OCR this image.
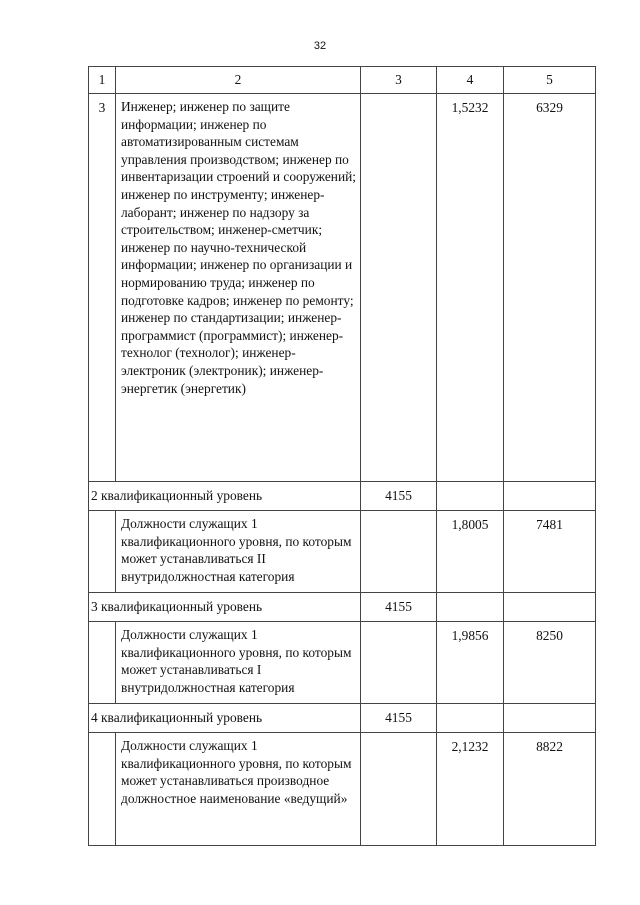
32
1	2	3	4	5
3	Инженер; инженер по защите информации; инженер по автоматизированным системам управления производством; инженер по инвентаризации строений и сооружений; инженер по инструменту; инженер-лаборант; инженер по надзору за строительством; инженер-сметчик; инженер по научно-технической информации; инженер по организации и нормированию труда; инженер по подготовке кадров; инженер по ремонту; инженер по стандартизации; инженер-программист (программист); инженер-технолог (технолог); инженер-электроник (электроник); инженер-энергетик (энергетик)		1,5232	6329
2 квалификационный уровень		4155		
	Должности служащих 1 квалификационного уровня, по которым может устанавливаться II внутридолжностная категория		1,8005	7481
3 квалификационный уровень		4155		
	Должности служащих 1 квалификационного уровня, по которым может устанавливаться I внутридолжностная категория		1,9856	8250
4 квалификационный уровень		4155		
	Должности служащих 1 квалификационного уровня, по которым может устанавливаться производное должностное наименование «ведущий»		2,1232	8822
